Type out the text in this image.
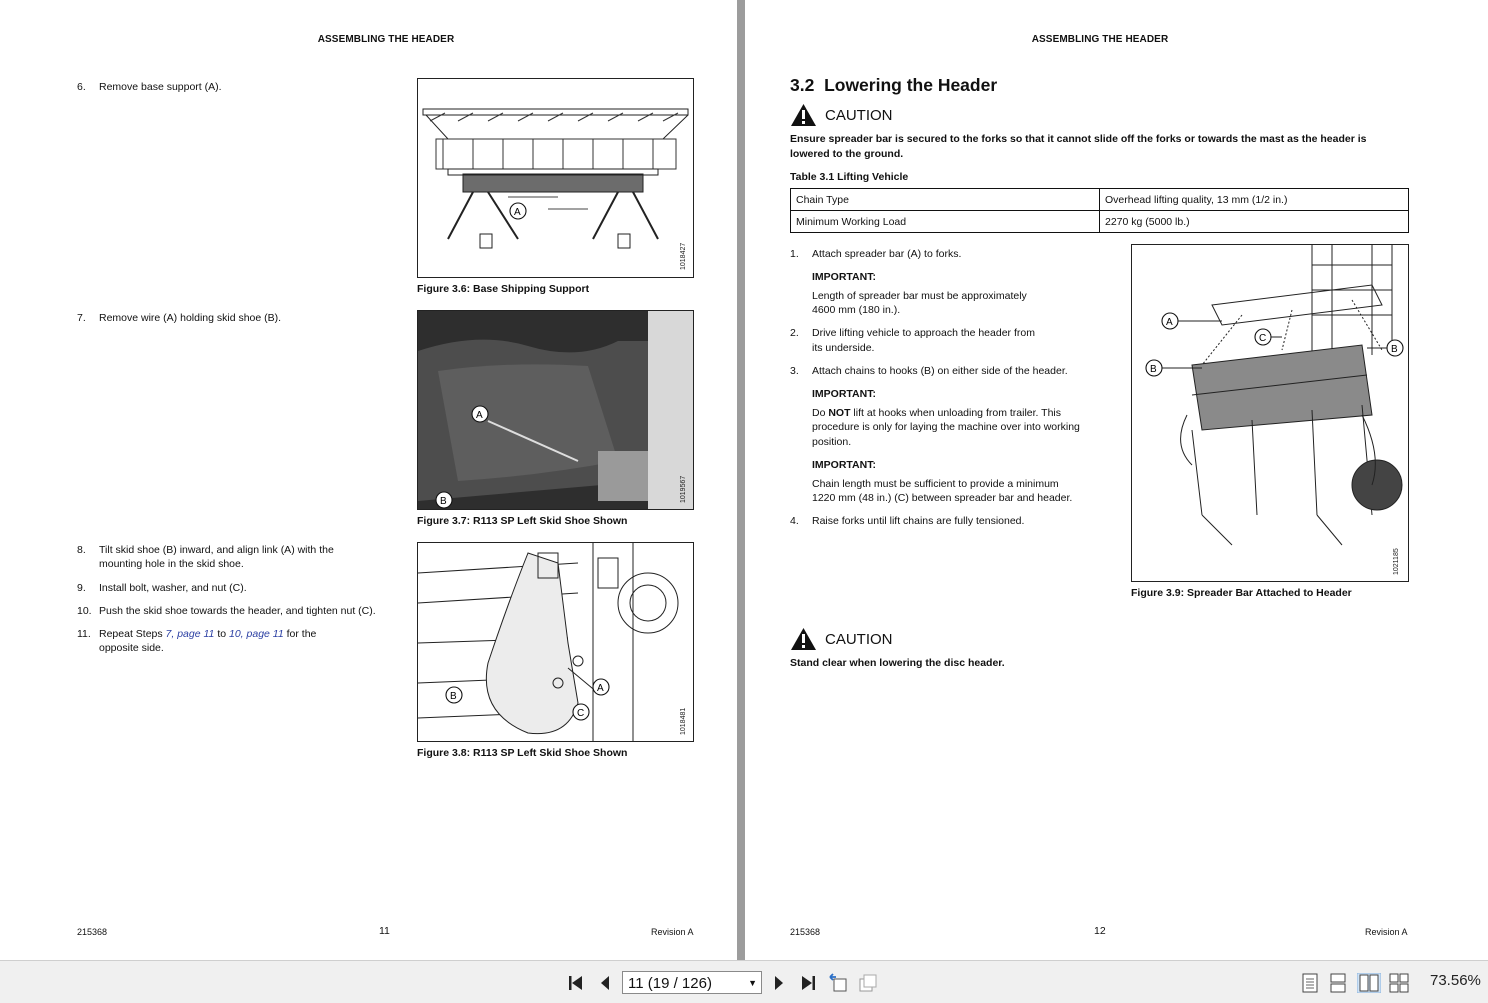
ASSEMBLING THE HEADER
6.	Remove base support (A).
7.	Remove wire (A) holding skid shoe (B).
8.	Tilt skid shoe (B) inward, and align link (A) with the
mounting hole in the skid shoe.
9.	Install bolt, washer, and nut (C).
10. Push the skid shoe towards the header, and tighten nut (C).
11. Repeat Steps 7, page 11 to 10, page 11 for the
opposite side.
A
1018427
Figure 3.6: Base Shipping Support
A
B	1019567
Figure 3.7: R113 SP Left Skid Shoe Shown
A
B
C	1018481
Figure 3.8: R113 SP Left Skid Shoe Shown
215368	11	Revision A
ASSEMBLING THE HEADER
3.2 Lowering the Header
CAUTION
Ensure spreader bar is secured to the forks so that it cannot slide off the forks or towards the mast as the header is
lowered to the ground.
Table 3.1 Lifting Vehicle
Chain Type	Overhead lifting quality, 13 mm (1/2 in.)
Minimum Working Load	2270 kg (5000 lb.)
1.	Attach spreader bar (A) to forks.
IMPORTANT:
Length of spreader bar must be approximately
4600 mm (180 in.).
2.	Drive lifting vehicle to approach the header from
its underside.
3.	Attach chains to hooks (B) on either side of the header.
IMPORTANT:
Do NOT lift at hooks when unloading from trailer. This
procedure is only for laying the machine over into working
position.
IMPORTANT:
Chain length must be sufficient to provide a minimum
1220 mm (48 in.) (C) between spreader bar and header.
4.	Raise forks until lift chains are fully tensioned.
A
C
B
B
1021185
Figure 3.9: Spreader Bar Attached to Header
CAUTION
Stand clear when lowering the disc header.
215368	12	Revision A
11 (19 / 126)	▼	73.56%
